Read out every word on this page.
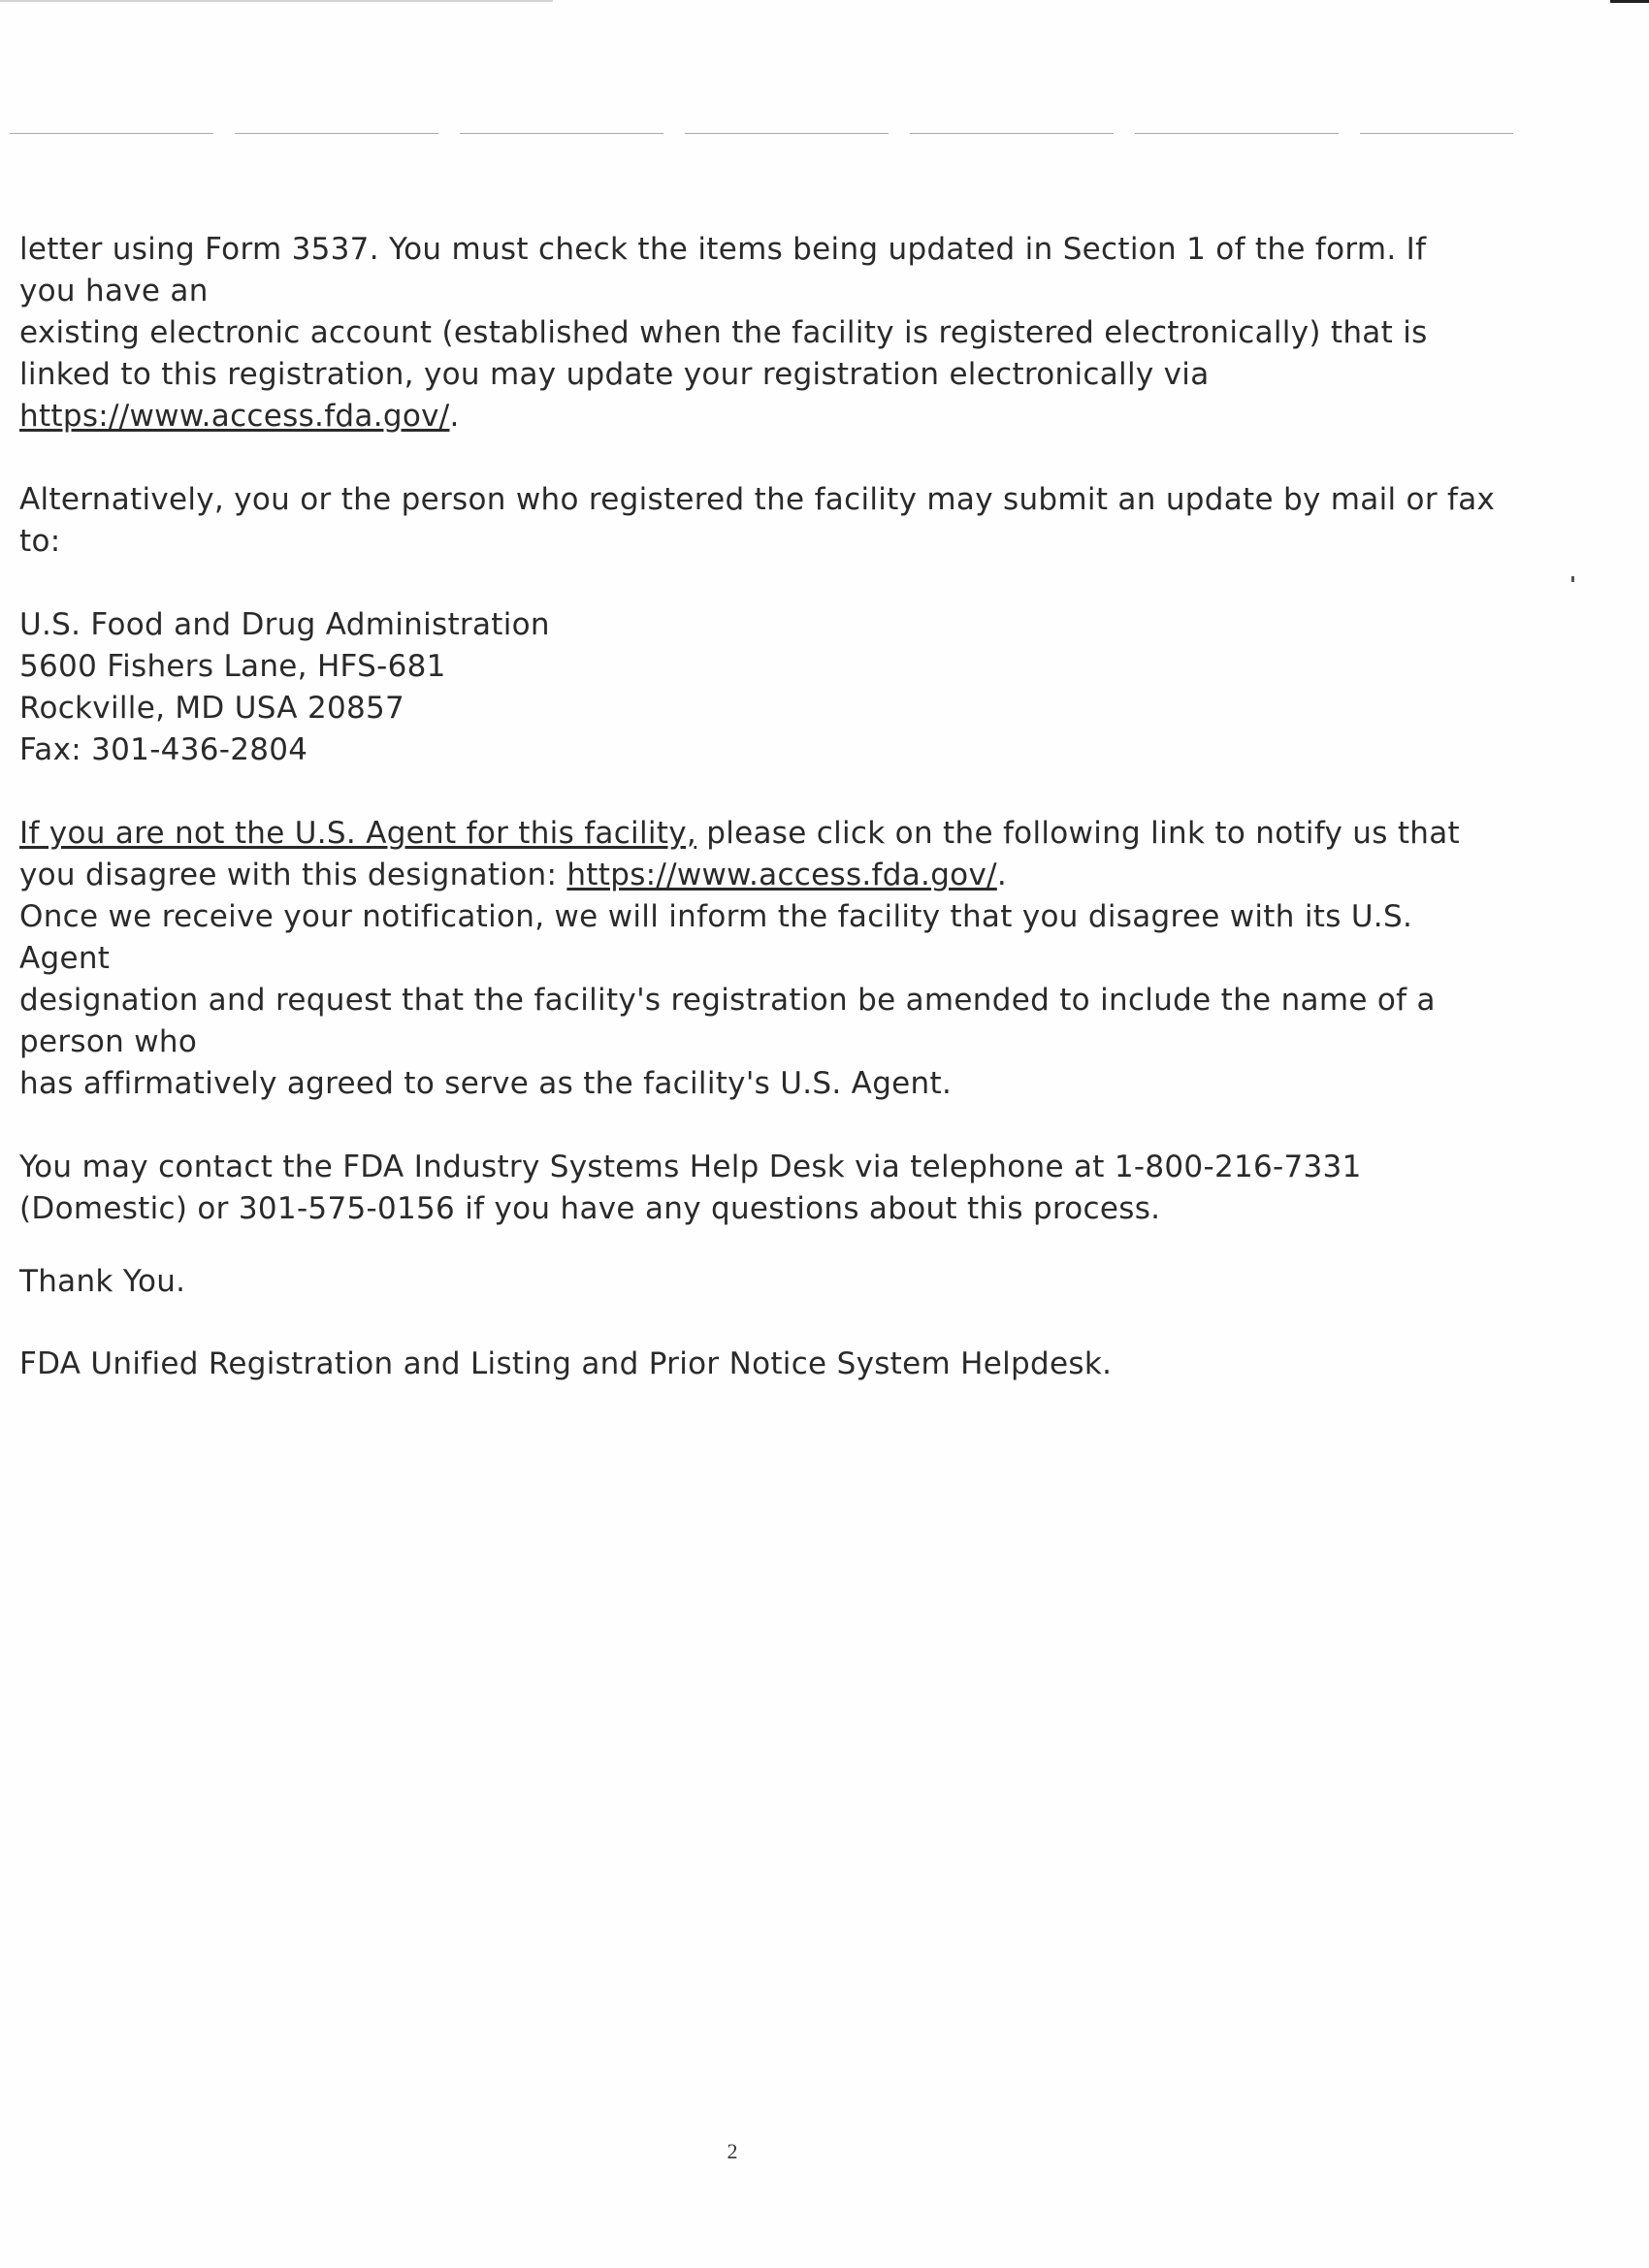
letter using Form 3537. You must check the items being updated in Section 1 of the form. If
you have an
existing electronic account (established when the facility is registered electronically) that is
linked to this registration, you may update your registration electronically via
https://www.access.fda.gov/.

Alternatively, you or the person who registered the facility may submit an update by mail or fax
to:

U.S. Food and Drug Administration
5600 Fishers Lane, HFS-681
Rockville, MD USA 20857
Fax: 301-436-2804

If you are not the U.S. Agent for this facility, please click on the following link to notify us that
you disagree with this designation: https://www.access.fda.gov/.
Once we receive your notification, we will inform the facility that you disagree with its U.S.
Agent
designation and request that the facility's registration be amended to include the name of a
person who
has affirmatively agreed to serve as the facility's U.S. Agent.

You may contact the FDA Industry Systems Help Desk via telephone at 1-800-216-7331
(Domestic) or 301-575-0156 if you have any questions about this process.

Thank You.

FDA Unified Registration and Listing and Prior Notice System Helpdesk.

2
